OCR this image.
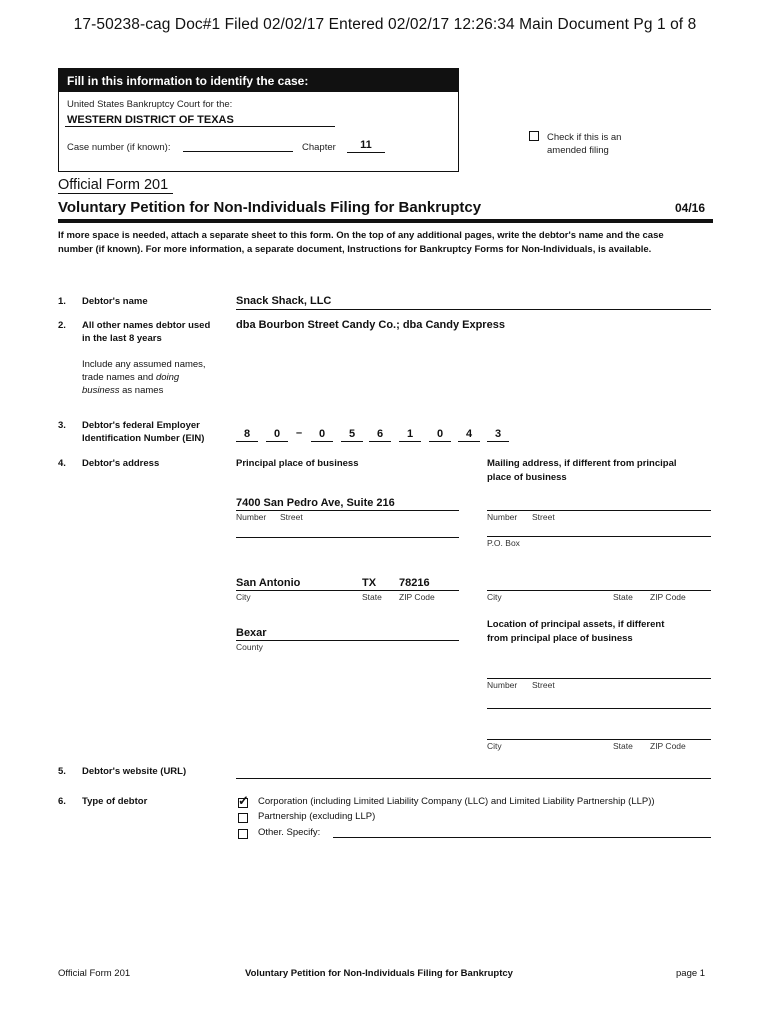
17-50238-cag Doc#1 Filed 02/02/17 Entered 02/02/17 12:26:34 Main Document Pg 1 of 8
Fill in this information to identify the case:
United States Bankruptcy Court for the:
WESTERN DISTRICT OF TEXAS
Case number (if known):	Chapter	11
Check if this is an
amended filing
Official Form 201
Voluntary Petition for Non-Individuals Filing for Bankruptcy	04/16
If more space is needed, attach a separate sheet to this form. On the top of any additional pages, write the debtor's name and the case number (if known). For more information, a separate document, Instructions for Bankruptcy Forms for Non-Individuals, is available.
1. Debtor's name	Snack Shack, LLC
2. All other names debtor used
in the last 8 years
dba Bourbon Street Candy Co.; dba Candy Express
Include any assumed names,
trade names and doing
business as names
3. Debtor's federal Employer
Identification Number (EIN)	8	0	–	0	5	6	1	0	4	3
4. Debtor's address	Principal place of business	Mailing address, if different from principal
place of business
7400 San Pedro Ave, Suite 216
Number Street	Number Street
P.O. Box
San Antonio	TX 78216
City	State ZIP Code	City	State ZIP Code
Bexar
County
Location of principal assets, if different
from principal place of business
Number Street
City	State ZIP Code
5. Debtor's website (URL)
6. Type of debtor	✓ Corporation (including Limited Liability Company (LLC) and Limited Liability Partnership (LLP))
Partnership (excluding LLP)
Other. Specify:
Official Form 201	Voluntary Petition for Non-Individuals Filing for Bankruptcy	page 1
